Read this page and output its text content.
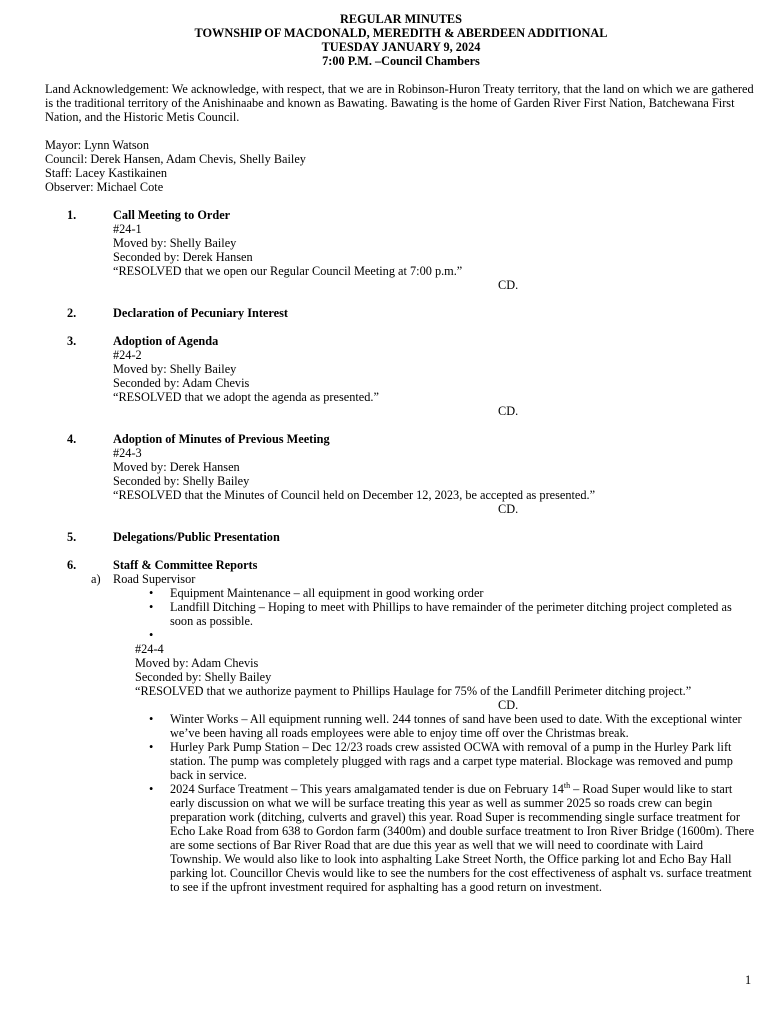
REGULAR MINUTES
TOWNSHIP OF MACDONALD, MEREDITH & ABERDEEN ADDITIONAL
TUESDAY JANUARY 9, 2024
7:00 P.M. –Council Chambers

Land Acknowledgement: We acknowledge, with respect, that we are in Robinson-Huron Treaty territory, that the land on which we are gathered is the traditional territory of the Anishinaabe and known as Bawating. Bawating is the home of Garden River First Nation, Batchewana First Nation, and the Historic Metis Council.

Mayor: Lynn Watson

Council: Derek Hansen, Adam Chevis, Shelly Bailey

Staff: Lacey Kastikainen

Observer: Michael Cote

1.	Call Meeting to Order

#24-1

Moved by: Shelly Bailey

Seconded by: Derek Hansen

“RESOLVED that we open our Regular Council Meeting at 7:00 p.m.”

CD.

2.	Declaration of Pecuniary Interest

3.	Adoption of Agenda

#24-2

Moved by: Shelly Bailey

Seconded by: Adam Chevis

“RESOLVED that we adopt the agenda as presented.”

CD.

4.	Adoption of Minutes of Previous Meeting

#24-3

Moved by: Derek Hansen

Seconded by: Shelly Bailey

“RESOLVED that the Minutes of Council held on December 12, 2023, be accepted as presented.”

CD.

5.	Delegations/Public Presentation

6.	Staff & Committee Reports

a) Road Supervisor

• Equipment Maintenance – all equipment in good working order
• Landfill Ditching – Hoping to meet with Phillips to have remainder of the perimeter ditching project completed as soon as possible.
•

#24-4

Moved by: Adam Chevis

Seconded by: Shelly Bailey

“RESOLVED that we authorize payment to Phillips Haulage for 75% of the Landfill Perimeter ditching project.”

CD.

• Winter Works – All equipment running well. 244 tonnes of sand have been used to date. With the exceptional winter we’ve been having all roads employees were able to enjoy time off over the Christmas break.
• Hurley Park Pump Station – Dec 12/23 roads crew assisted OCWA with removal of a pump in the Hurley Park lift station. The pump was completely plugged with rags and a carpet type material. Blockage was removed and pump back in service.
• 2024 Surface Treatment – This years amalgamated tender is due on February 14th – Road Super would like to start early discussion on what we will be surface treating this year as well as summer 2025 so roads crew can begin preparation work (ditching, culverts and gravel) this year. Road Super is recommending single surface treatment for Echo Lake Road from 638 to Gordon farm (3400m) and double surface treatment to Iron River Bridge (1600m). There are some sections of Bar River Road that are due this year as well that we will need to coordinate with Laird Township. We would also like to look into asphalting Lake Street North, the Office parking lot and Echo Bay Hall parking lot. Councillor Chevis would like to see the numbers for the cost effectiveness of asphalt vs. surface treatment to see if the upfront investment required for asphalting has a good return on investment.
1
